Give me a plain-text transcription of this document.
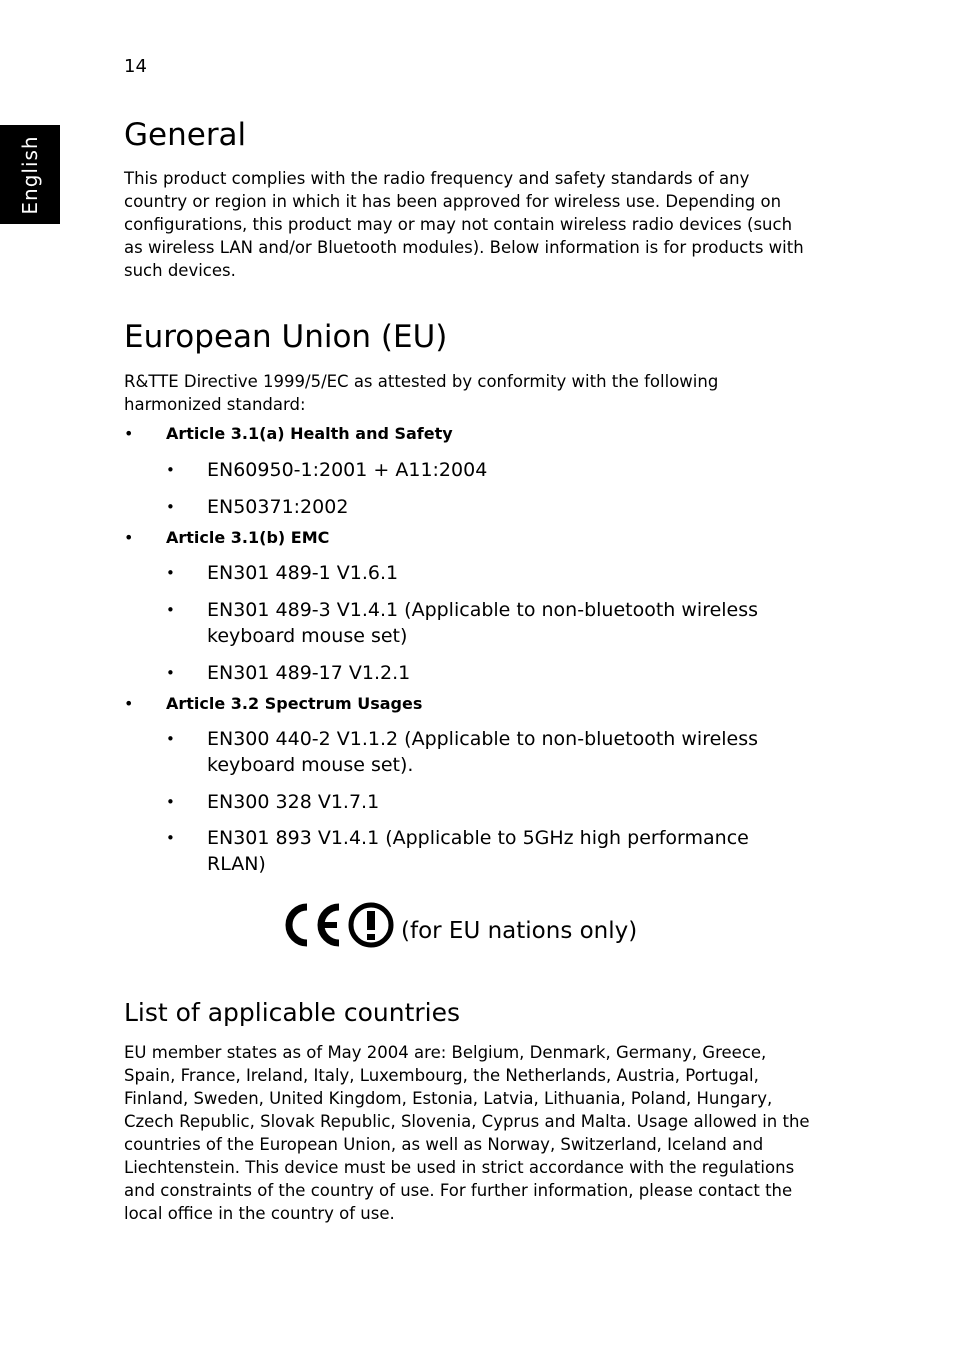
14
English
General

This product complies with the radio frequency and safety standards of any country or region in which it has been approved for wireless use. Depending on configurations, this product may or may not contain wireless radio devices (such as wireless LAN and/or Bluetooth modules). Below information is for products with such devices.

European Union (EU)

R&TTE Directive 1999/5/EC as attested by conformity with the following harmonized standard:

• Article 3.1(a) Health and Safety
• EN60950-1:2001 + A11:2004
• EN50371:2002
• Article 3.1(b) EMC
• EN301 489-1 V1.6.1
• EN301 489-3 V1.4.1 (Applicable to non-bluetooth wireless keyboard mouse set)
• EN301 489-17 V1.2.1
• Article 3.2 Spectrum Usages
• EN300 440-2 V1.1.2 (Applicable to non-bluetooth wireless keyboard mouse set).
• EN300 328 V1.7.1
• EN301 893 V1.4.1 (Applicable to 5GHz high performance RLAN)
(for EU nations only)
List of applicable countries

EU member states as of May 2004 are: Belgium, Denmark, Germany, Greece, Spain, France, Ireland, Italy, Luxembourg, the Netherlands, Austria, Portugal, Finland, Sweden, United Kingdom, Estonia, Latvia, Lithuania, Poland, Hungary, Czech Republic, Slovak Republic, Slovenia, Cyprus and Malta. Usage allowed in the countries of the European Union, as well as Norway, Switzerland, Iceland and Liechtenstein. This device must be used in strict accordance with the regulations and constraints of the country of use. For further information, please contact the local office in the country of use.
